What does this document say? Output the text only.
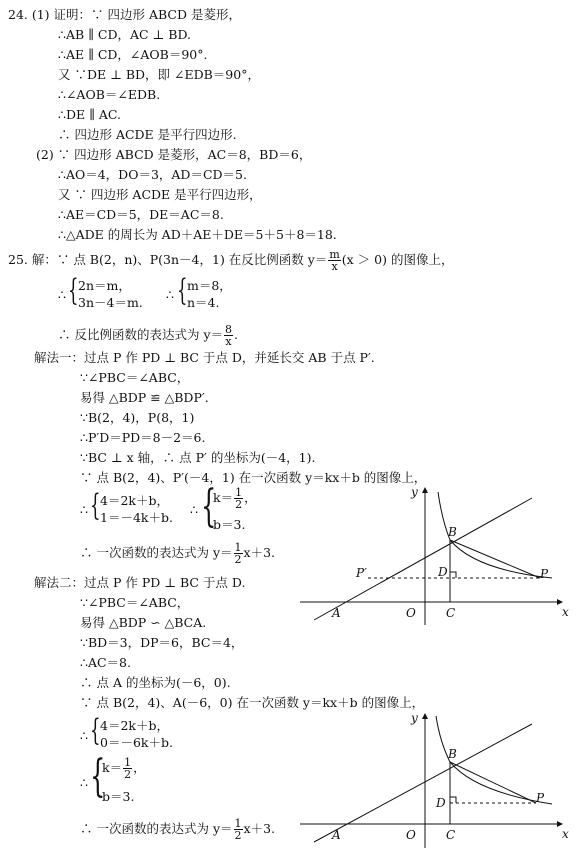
24. (1) 证明：∵ 四边形 ABCD 是菱形，
∴AB ∥ CD，AC ⊥ BD.
∴AE ∥ CD，∠AOB＝90°.
又 ∵DE ⊥ BD，即 ∠EDB＝90°，
∴∠AOB＝∠EDB.
∴DE ∥ AC.
∴ 四边形 ACDE 是平行四边形.
(2) ∵ 四边形 ABCD 是菱形，AC＝8，BD＝6，
∴AO＝4，DO＝3，AD＝CD＝5.
又 ∵ 四边形 ACDE 是平行四边形，
∴AE＝CD＝5，DE＝AC＝8.
∴△ADE 的周长为 AD＋AE＋DE＝5＋5＋8＝18.
25. 解：∵ 点 B(2，n)、P(3n－4，1) 在反比例函数 $y= \frac{m}{x} (x > 0)$ 的图像上，
∴ { 2n＝m，
3n－4＝m.
∴ { m＝8，
n＝4.
∴ 反比例函数的表达式为 $y= \frac{8}{x}$ .
解法一：过点 P 作 PD ⊥ BC 于点 D，并延长交 AB 于点 P′.
∵∠PBC＝∠ABC，
易得 △BDP ≌ △BDP′.
∵B(2，4)，P(8，1)
∴P′D＝PD＝8－2＝6.
∵BC ⊥ x 轴，∴ 点 P′ 的坐标为(－4，1).
∵ 点 B(2，4)、P′(－4，1) 在一次函数 y＝kx＋b 的图像上，
∴ { 4＝2k＋b，
1＝－4k＋b.
∴ {
$k= \frac{1}{2}$ ，
b＝3.
∴ 一次函数的表达式为 $y= \frac{1}{2} x+3$.
解法二：过点 P 作 PD ⊥ BC 于点 D.
∵∠PBC＝∠ABC，
易得 △BDP ∽ △BCA.
∵BD＝3，DP＝6，BC＝4，
∴AC＝8.
∴ 点 A 的坐标为(－6，0).
∵ 点 B(2，4)、A(－6，0) 在一次函数 y＝kx＋b 的图像上，
∴ { 4＝2k＋b，
0＝－6k＋b.
∴ {
$k= \frac{1}{2}$ ，
b＝3.
∴ 一次函数的表达式为 $y= \frac{1}{2} x+3$.
y
x
B
D	P
P′
A	O	C
y
x
B
D	P
A	O	C
